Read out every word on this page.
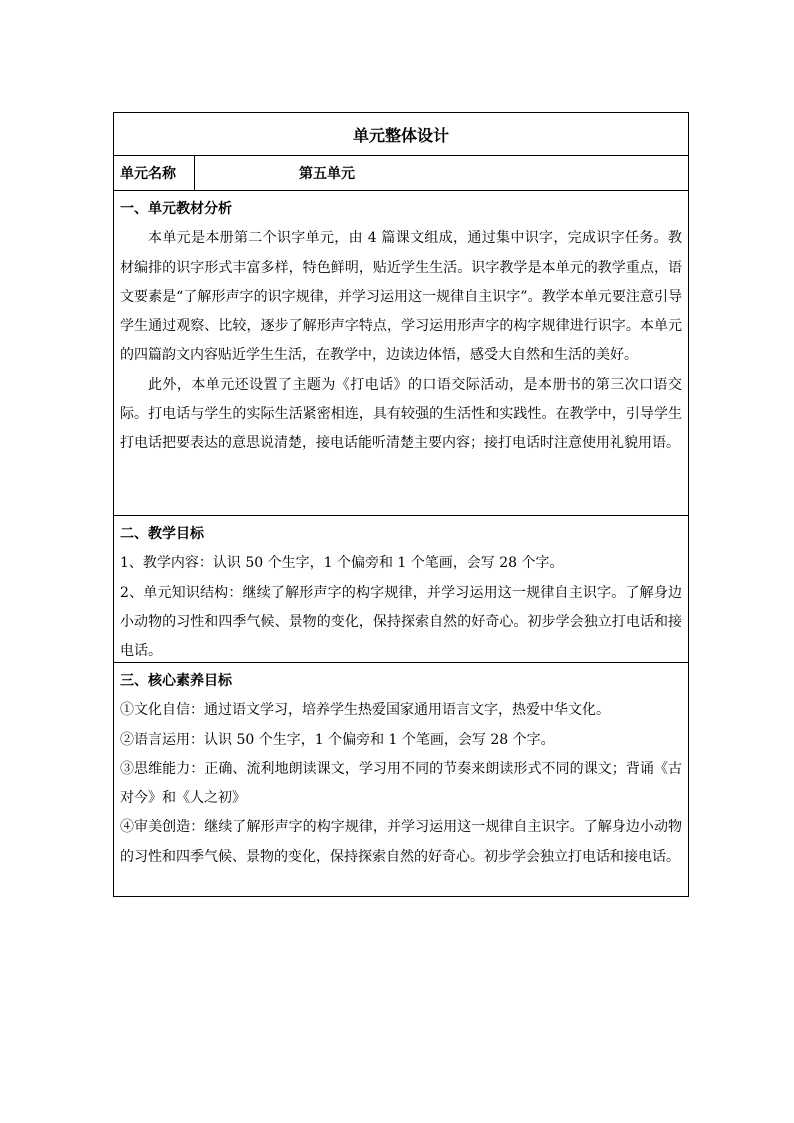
单元整体设计
单元名称	第五单元
一、单元教材分析
本单元是本册第二个识字单元，由 4 篇课文组成，通过集中识字，完成识字任务。教材编排的识字形式丰富多样，特色鲜明，贴近学生生活。识字教学是本单元的教学重点，语文要素是“了解形声字的识字规律，并学习运用这一规律自主识字”。教学本单元要注意引导学生通过观察、比较，逐步了解形声字特点，学习运用形声字的构字规律进行识字。本单元的四篇韵文内容贴近学生生活，在教学中，边读边体悟，感受大自然和生活的美好。
此外，本单元还设置了主题为《打电话》的口语交际活动，是本册书的第三次口语交际。打电话与学生的实际生活紧密相连，具有较强的生活性和实践性。在教学中，引导学生打电话把要表达的意思说清楚，接电话能听清楚主要内容；接打电话时注意使用礼貌用语。
二、教学目标
1、教学内容：认识 50 个生字，1 个偏旁和 1 个笔画，会写 28 个字。
2、单元知识结构：继续了解形声字的构字规律，并学习运用这一规律自主识字。了解身边小动物的习性和四季气候、景物的变化，保持探索自然的好奇心。初步学会独立打电话和接电话。
三、核心素养目标
①文化自信：通过语文学习，培养学生热爱国家通用语言文字，热爱中华文化。
②语言运用：认识 50 个生字，1 个偏旁和 1 个笔画，会写 28 个字。
③思维能力：正确、流利地朗读课文，学习用不同的节奏来朗读形式不同的课文；背诵《古对今》和《人之初》
④审美创造：继续了解形声字的构字规律，并学习运用这一规律自主识字。了解身边小动物的习性和四季气候、景物的变化，保持探索自然的好奇心。初步学会独立打电话和接电话。
